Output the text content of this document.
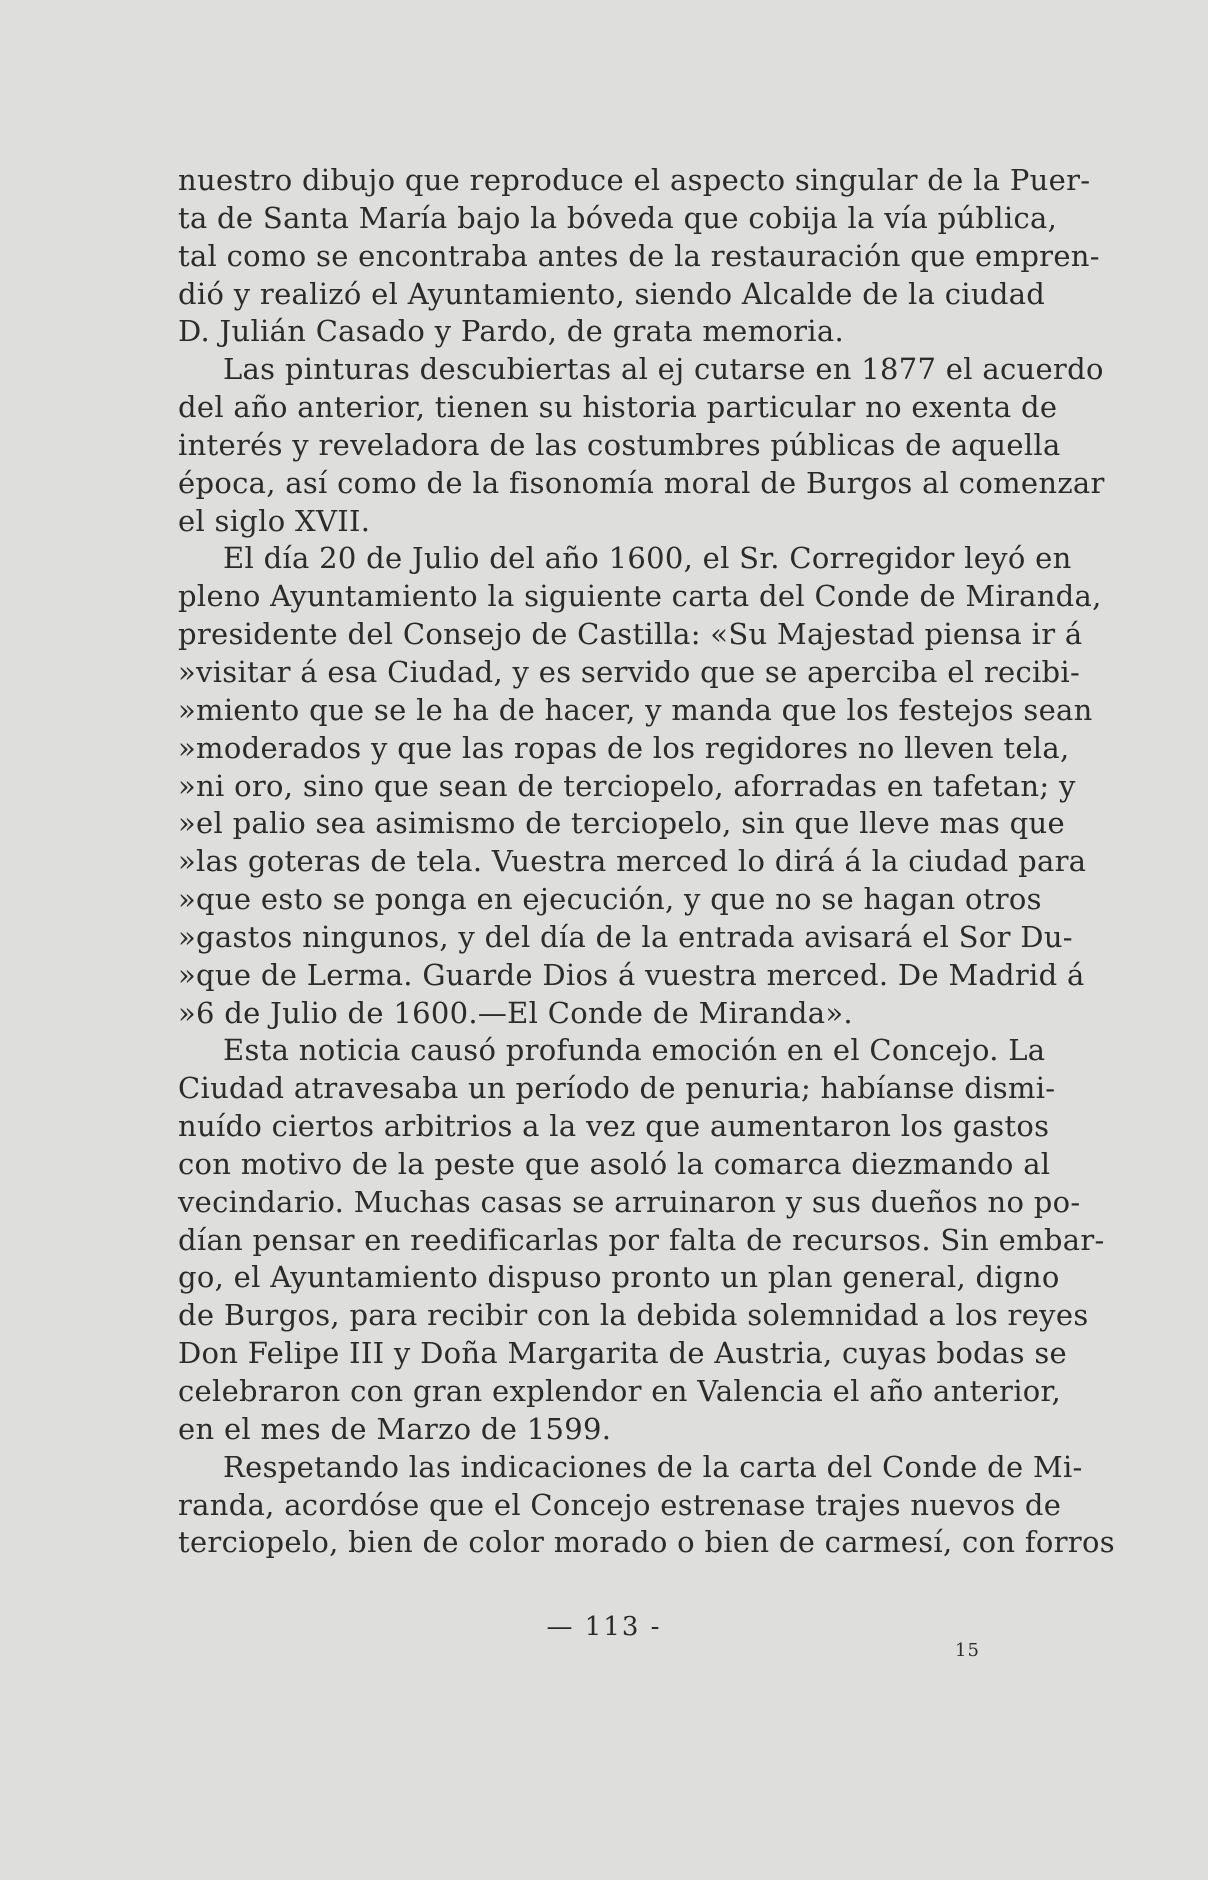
nuestro dibujo que reproduce el aspecto singular de la Puer-
ta de Santa María bajo la bóveda que cobija la vía pública,
tal como se encontraba antes de la restauración que empren-
dió y realizó el Ayuntamiento, siendo Alcalde de la ciudad
D. Julián Casado y Pardo, de grata memoria.
Las pinturas descubiertas al ej cutarse en 1877 el acuerdo
del año anterior, tienen su historia particular no exenta de
interés y reveladora de las costumbres públicas de aquella
época, así como de la fisonomía moral de Burgos al comenzar
el siglo XVII.
El día 20 de Julio del año 1600, el Sr. Corregidor leyó en
pleno Ayuntamiento la siguiente carta del Conde de Miranda,
presidente del Consejo de Castilla: «Su Majestad piensa ir á
»visitar á esa Ciudad, y es servido que se aperciba el recibi-
»miento que se le ha de hacer, y manda que los festejos sean
»moderados y que las ropas de los regidores no lleven tela,
»ni oro, sino que sean de terciopelo, aforradas en tafetan; y
»el palio sea asimismo de terciopelo, sin que lleve mas que
»las goteras de tela. Vuestra merced lo dirá á la ciudad para
»que esto se ponga en ejecución, y que no se hagan otros
»gastos ningunos, y del día de la entrada avisará el Sor Du-
»que de Lerma. Guarde Dios á vuestra merced. De Madrid á
»6 de Julio de 1600.—El Conde de Miranda».
Esta noticia causó profunda emoción en el Concejo. La
Ciudad atravesaba un período de penuria; habíanse dismi-
nuído ciertos arbitrios a la vez que aumentaron los gastos
con motivo de la peste que asoló la comarca diezmando al
vecindario. Muchas casas se arruinaron y sus dueños no po-
dían pensar en reedificarlas por falta de recursos. Sin embar-
go, el Ayuntamiento dispuso pronto un plan general, digno
de Burgos, para recibir con la debida solemnidad a los reyes
Don Felipe III y Doña Margarita de Austria, cuyas bodas se
celebraron con gran explendor en Valencia el año anterior,
en el mes de Marzo de 1599.
Respetando las indicaciones de la carta del Conde de Mi-
randa, acordóse que el Concejo estrenase trajes nuevos de
terciopelo, bien de color morado o bien de carmesí, con forros
— 113 -
15
